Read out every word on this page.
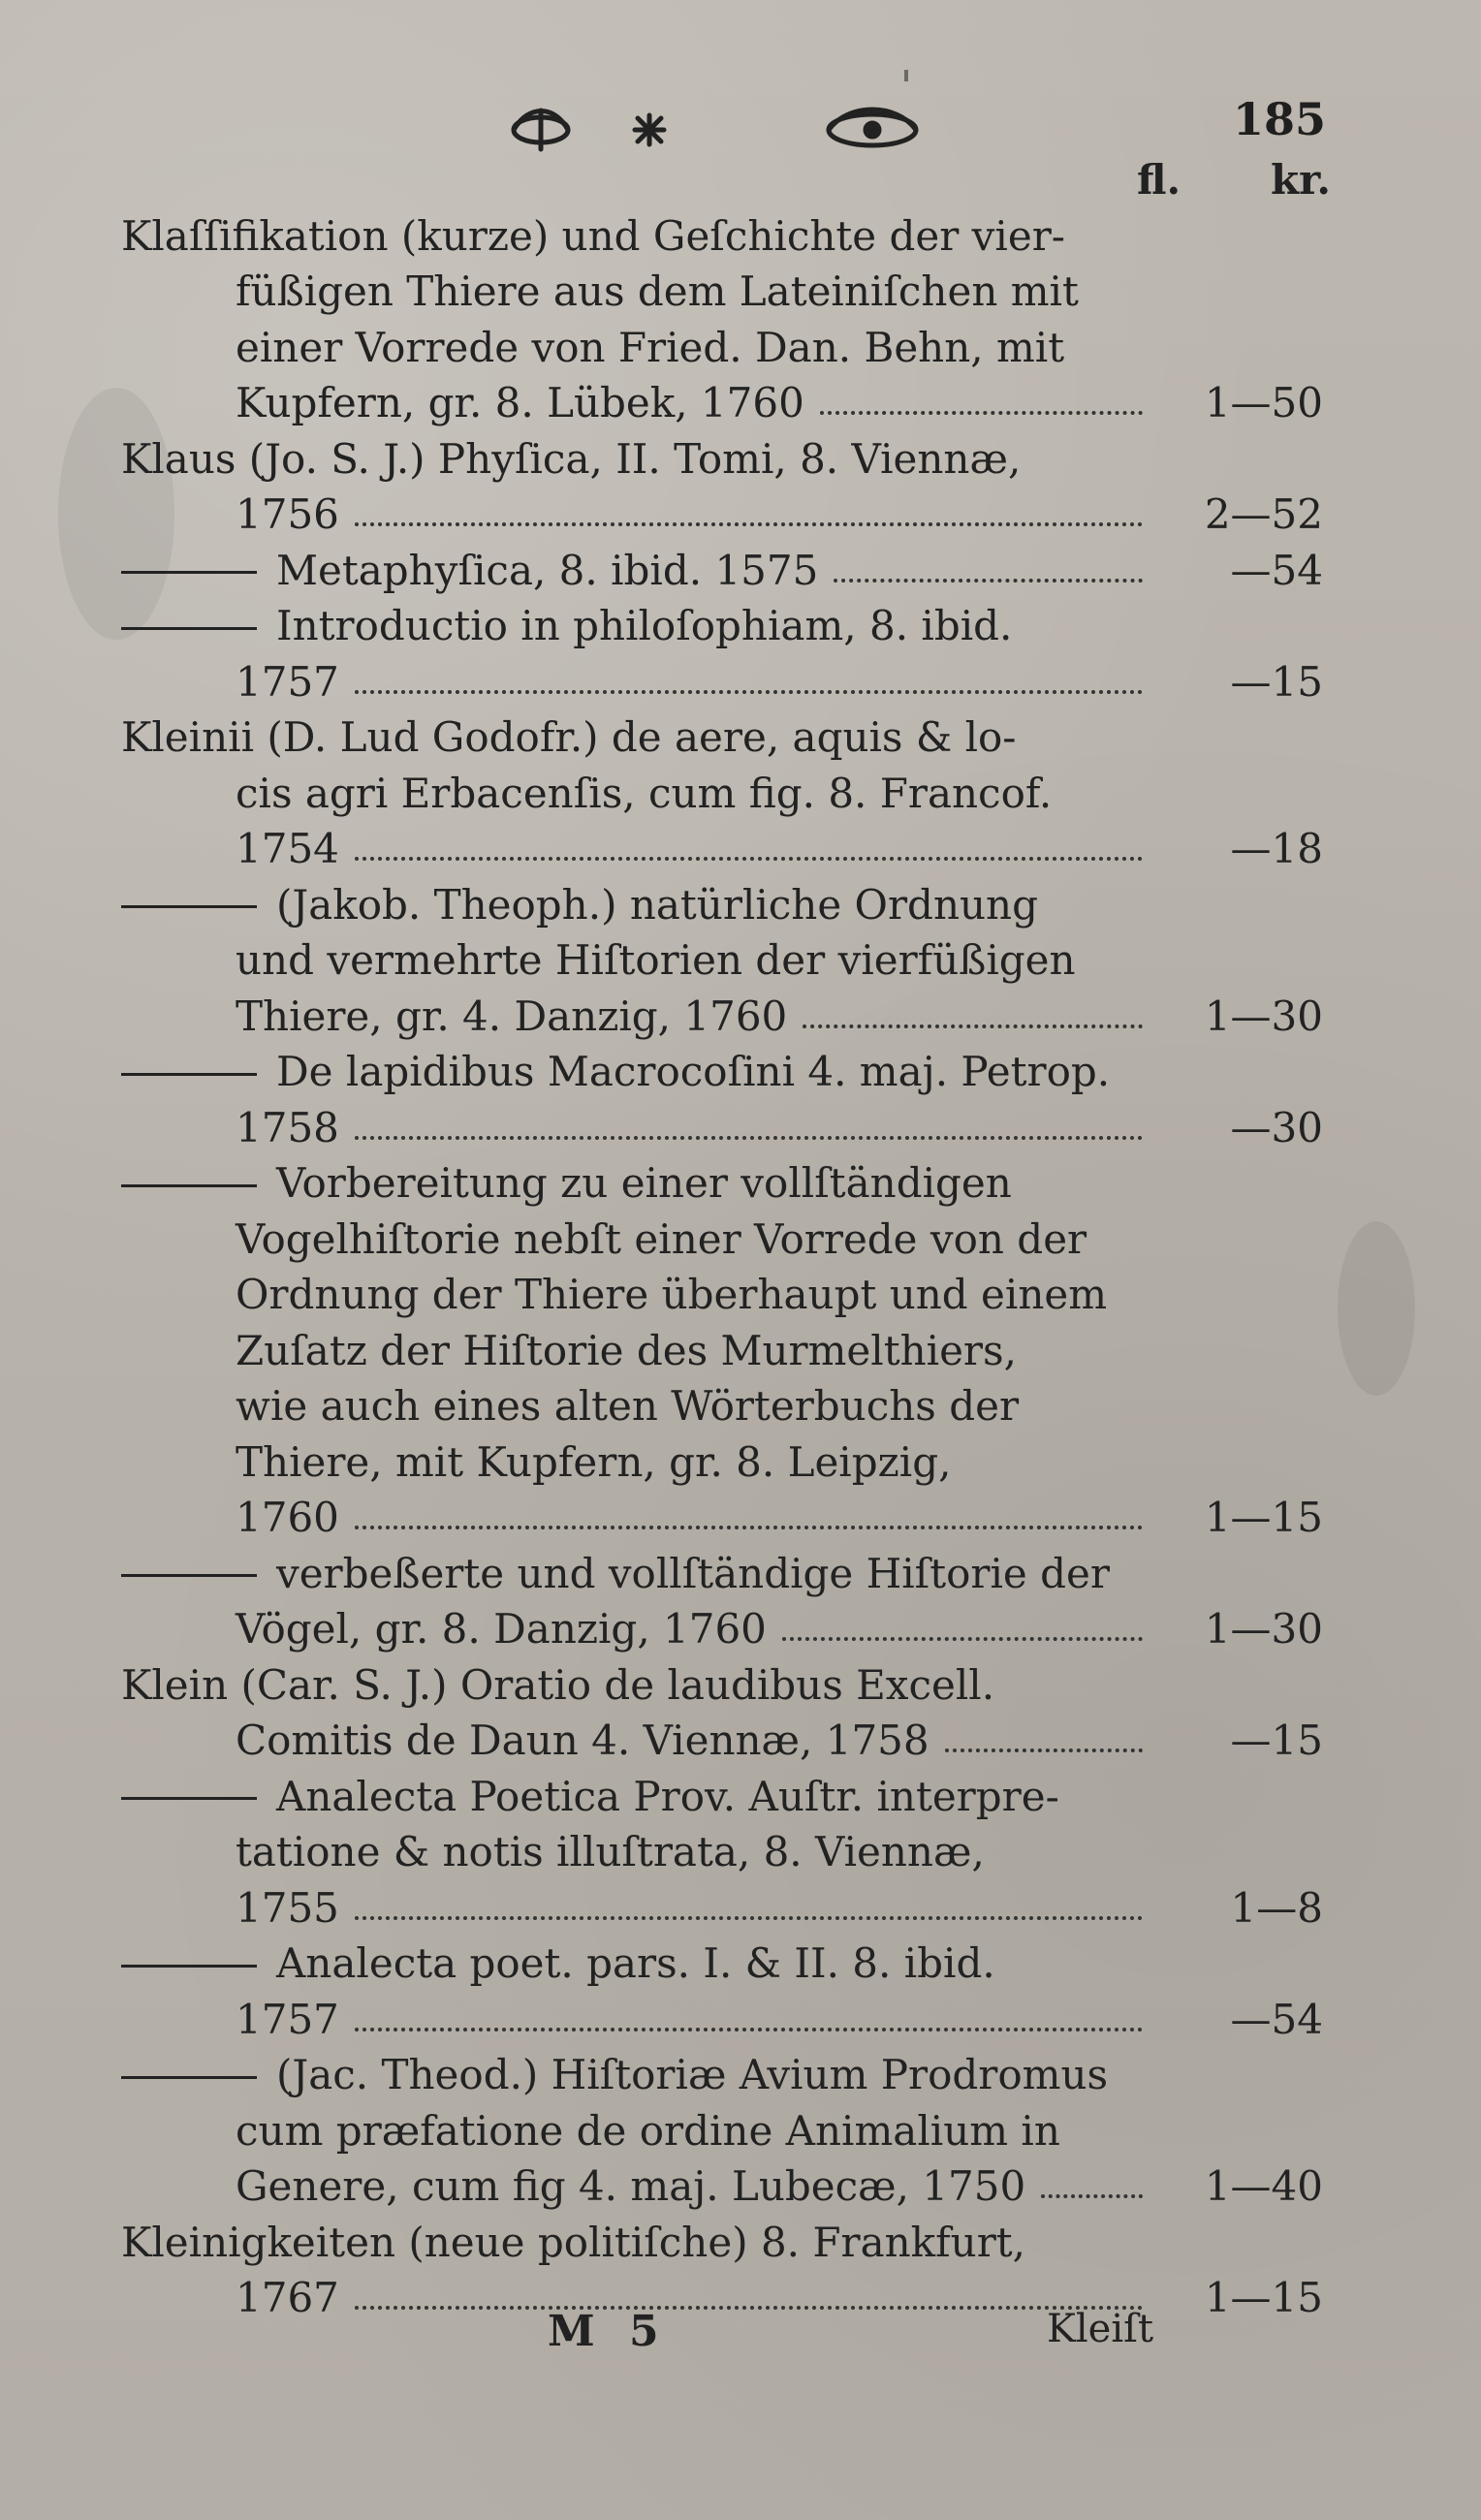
185
fl. kr.
Klaſſifikation (kurze) und Geſchichte der vier-
füßigen Thiere aus dem Lateiniſchen mit
einer Vorrede von Fried. Dan. Behn, mit
Kupfern, gr. 8. Lübek, 1760	1—50
Klaus (Jo. S. J.) Phyſica, II. Tomi, 8. Viennæ,
1756	2—52
Metaphyſica, 8. ibid. 1575	—54
Introductio in philoſophiam, 8. ibid.
1757	—15
Kleinii (D. Lud Godofr.) de aere, aquis & lo-
cis agri Erbacenſis, cum fig. 8. Francof.
1754	—18
(Jakob. Theoph.) natürliche Ordnung
und vermehrte Hiſtorien der vierfüßigen
Thiere, gr. 4. Danzig, 1760	1—30
De lapidibus Macrocoſini 4. maj. Petrop.
1758	—30
Vorbereitung zu einer vollſtändigen
Vogelhiſtorie nebſt einer Vorrede von der
Ordnung der Thiere überhaupt und einem
Zuſatz der Hiſtorie des Murmelthiers,
wie auch eines alten Wörterbuchs der
Thiere, mit Kupfern, gr. 8. Leipzig,
1760	1—15
verbeßerte und vollſtändige Hiſtorie der
Vögel, gr. 8. Danzig, 1760	1—30
Klein (Car. S. J.) Oratio de laudibus Excell.
Comitis de Daun 4. Viennæ, 1758	—15
Analecta Poetica Prov. Auſtr. interpre-
tatione & notis illuſtrata, 8. Viennæ,
1755	1—8
Analecta poet. pars. I. & II. 8. ibid.
1757	—54
(Jac. Theod.) Hiſtoriæ Avium Prodromus
cum præfatione de ordine Animalium in
Genere, cum fig 4. maj. Lubecæ, 1750	1—40
Kleinigkeiten (neue politiſche) 8. Frankfurt,
1767	1—15
M 5	Kleiſt
